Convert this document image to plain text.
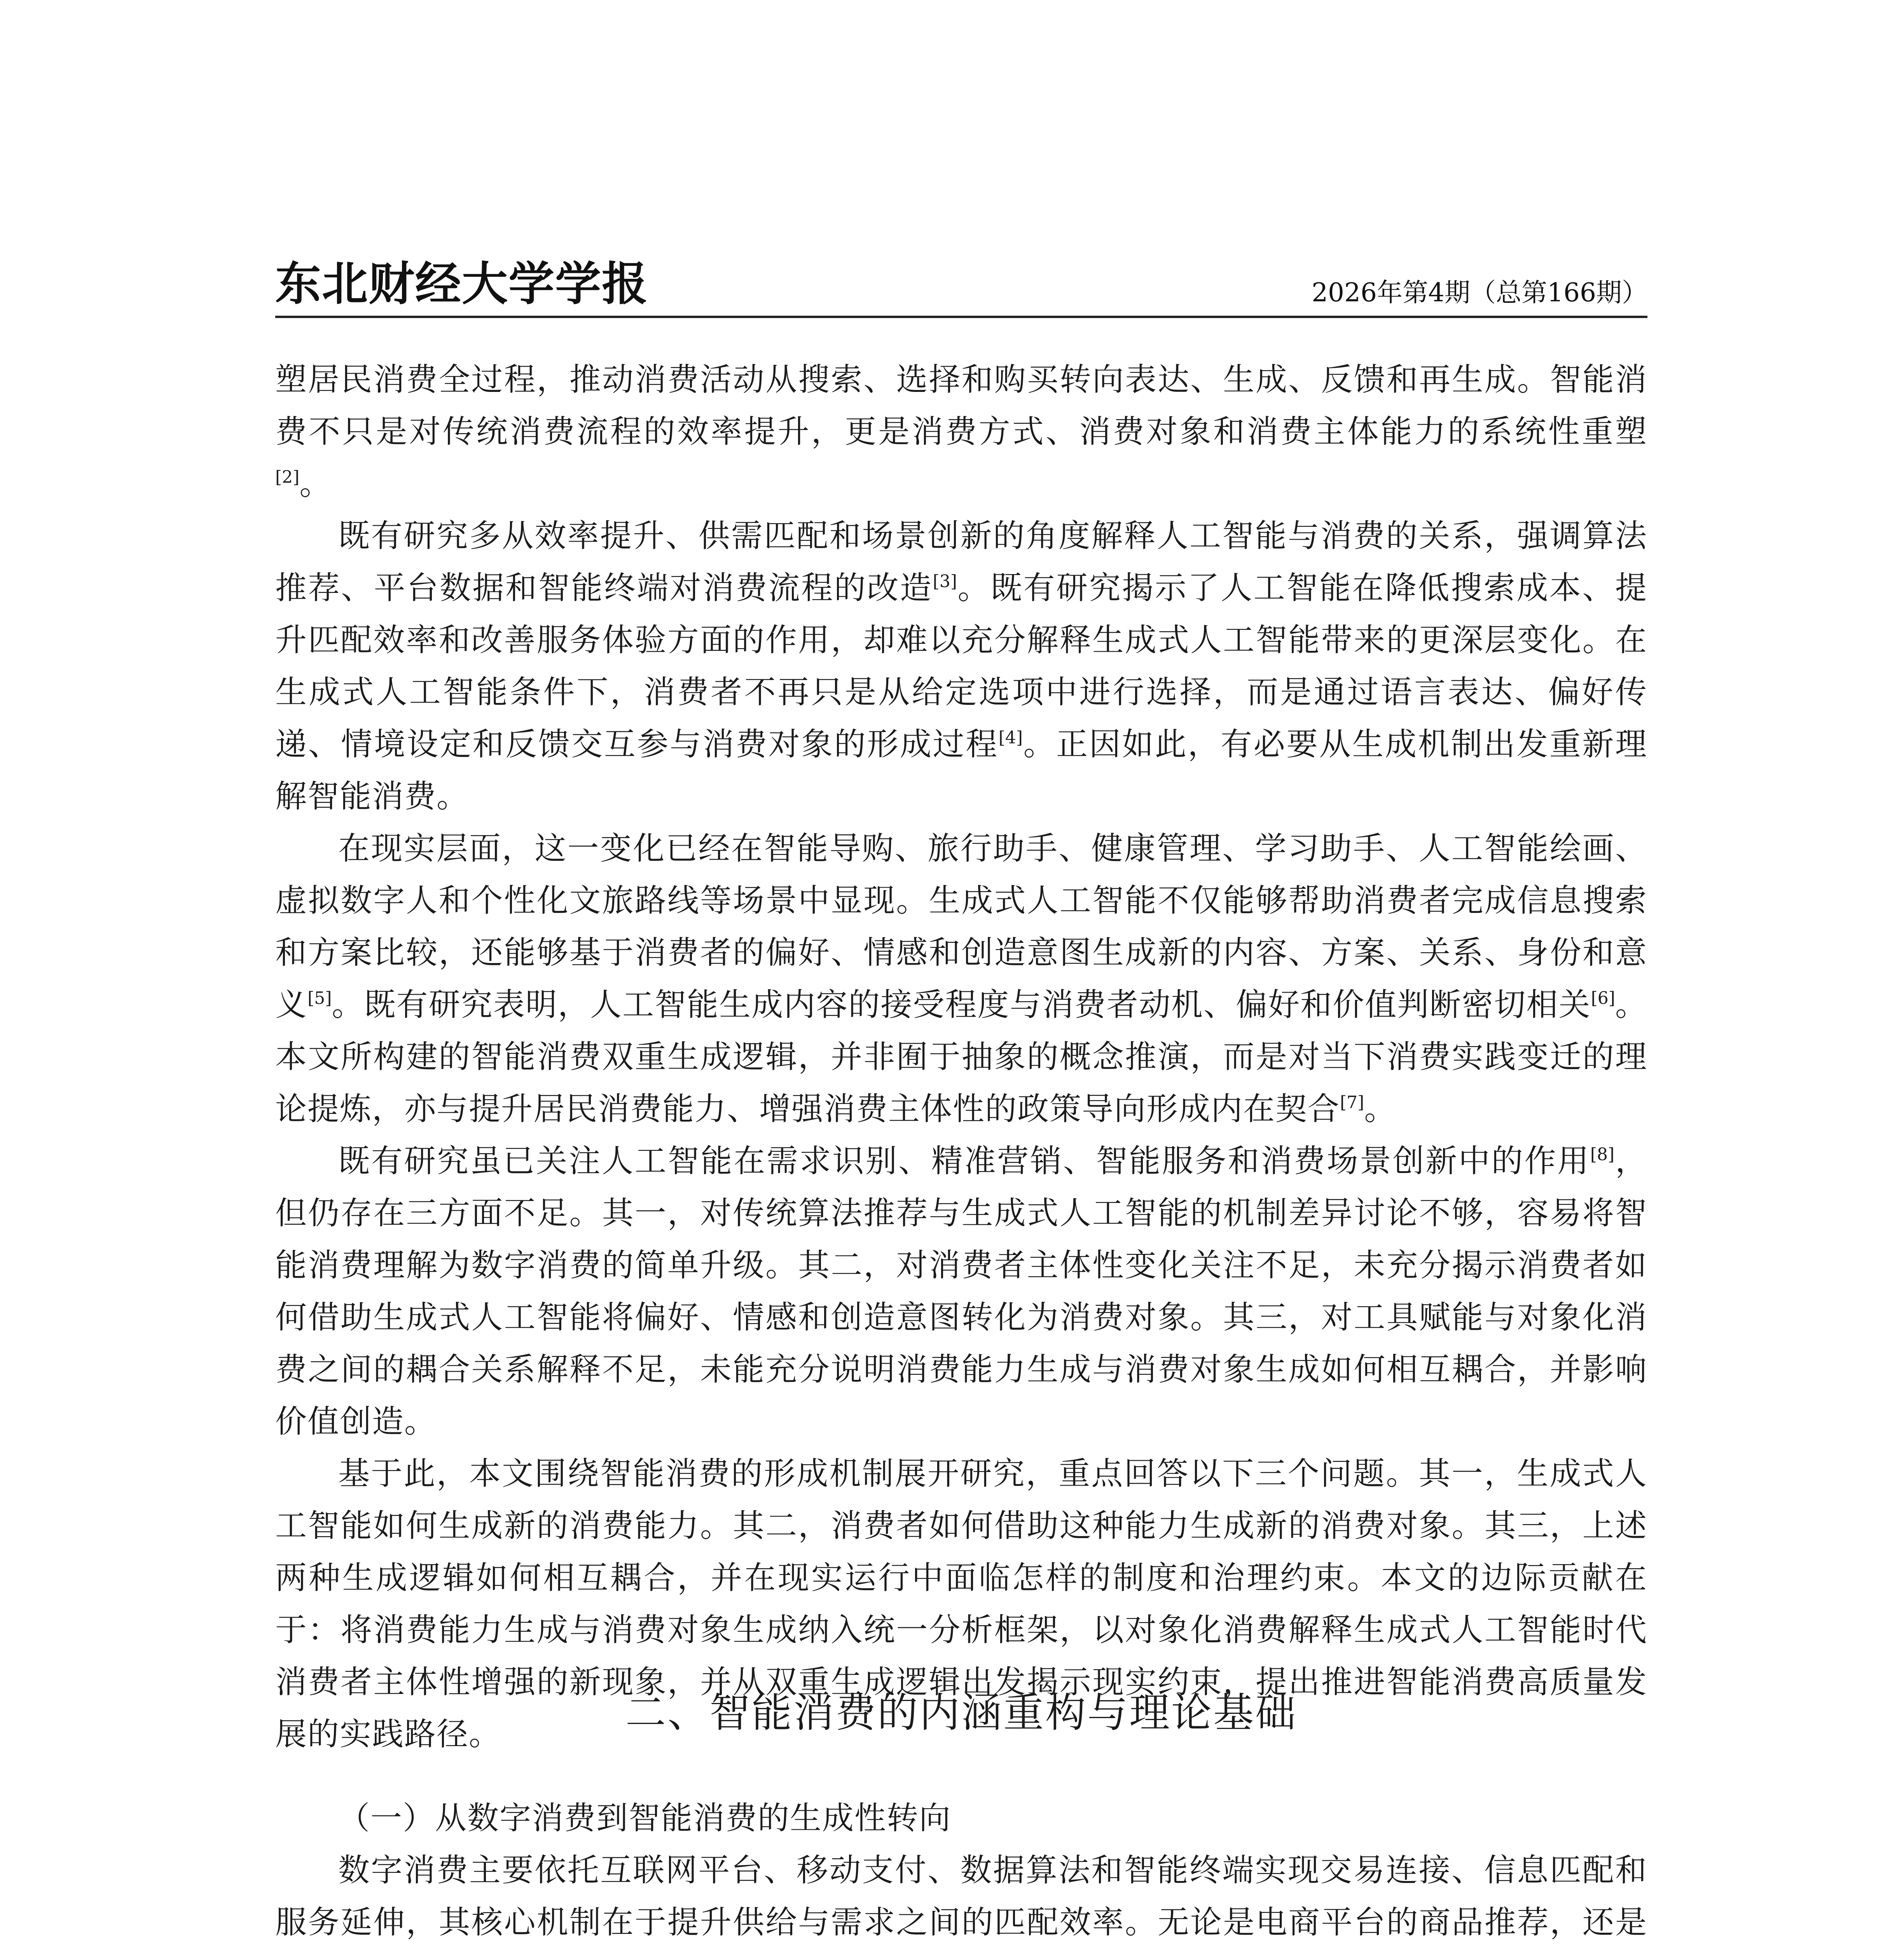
东北财经大学学报	2026年第4期（总第166期）

塑居民消费全过程，推动消费活动从搜索、选择和购买转向表达、生成、反馈和再生成。智能消费不只是对传统消费流程的效率提升，更是消费方式、消费对象和消费主体能力的系统性重塑[2]。

既有研究多从效率提升、供需匹配和场景创新的角度解释人工智能与消费的关系，强调算法推荐、平台数据和智能终端对消费流程的改造[3]。既有研究揭示了人工智能在降低搜索成本、提升匹配效率和改善服务体验方面的作用，却难以充分解释生成式人工智能带来的更深层变化。在生成式人工智能条件下，消费者不再只是从给定选项中进行选择，而是通过语言表达、偏好传递、情境设定和反馈交互参与消费对象的形成过程[4]。正因如此，有必要从生成机制出发重新理解智能消费。

在现实层面，这一变化已经在智能导购、旅行助手、健康管理、学习助手、人工智能绘画、虚拟数字人和个性化文旅路线等场景中显现。生成式人工智能不仅能够帮助消费者完成信息搜索和方案比较，还能够基于消费者的偏好、情感和创造意图生成新的内容、方案、关系、身份和意义[5]。既有研究表明，人工智能生成内容的接受程度与消费者动机、偏好和价值判断密切相关[6]。本文所构建的智能消费双重生成逻辑，并非囿于抽象的概念推演，而是对当下消费实践变迁的理论提炼，亦与提升居民消费能力、增强消费主体性的政策导向形成内在契合[7]。

既有研究虽已关注人工智能在需求识别、精准营销、智能服务和消费场景创新中的作用[8]，但仍存在三方面不足。其一，对传统算法推荐与生成式人工智能的机制差异讨论不够，容易将智能消费理解为数字消费的简单升级。其二，对消费者主体性变化关注不足，未充分揭示消费者如何借助生成式人工智能将偏好、情感和创造意图转化为消费对象。其三，对工具赋能与对象化消费之间的耦合关系解释不足，未能充分说明消费能力生成与消费对象生成如何相互耦合，并影响价值创造。

基于此，本文围绕智能消费的形成机制展开研究，重点回答以下三个问题。其一，生成式人工智能如何生成新的消费能力。其二，消费者如何借助这种能力生成新的消费对象。其三，上述两种生成逻辑如何相互耦合，并在现实运行中面临怎样的制度和治理约束。本文的边际贡献在于：将消费能力生成与消费对象生成纳入统一分析框架，以对象化消费解释生成式人工智能时代消费者主体性增强的新现象，并从双重生成逻辑出发揭示现实约束，提出推进智能消费高质量发展的实践路径。	二、智能消费的内涵重构与理论基础

（一）从数字消费到智能消费的生成性转向

数字消费主要依托互联网平台、移动支付、数据算法和智能终端实现交易连接、信息匹配和服务延伸，其核心机制在于提升供给与需求之间的匹配效率。无论是电商平台的商品推荐，还是
